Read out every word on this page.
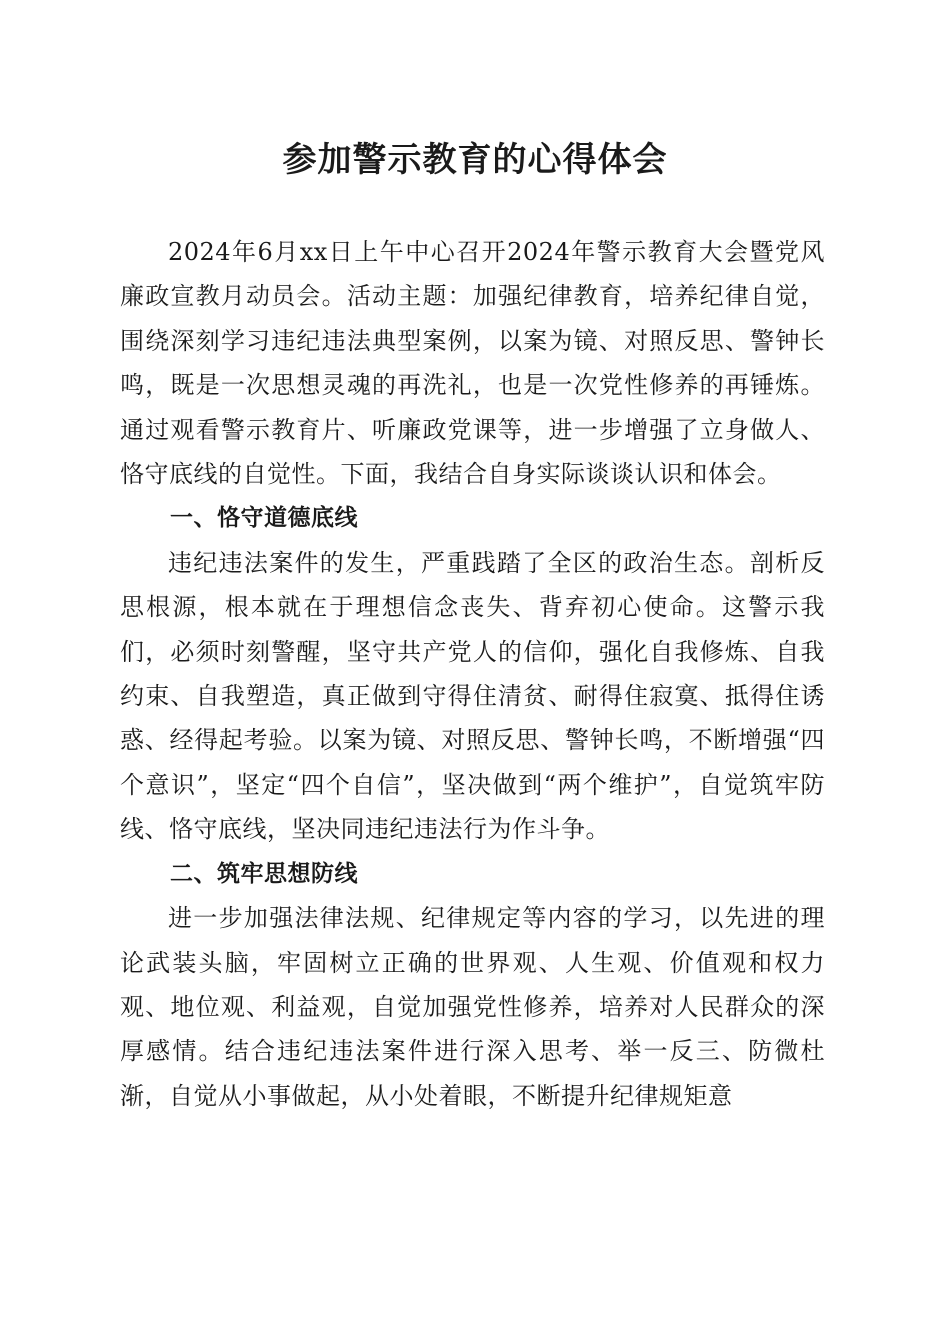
参加警示教育的心得体会

2024年6月xx日上午中心召开2024年警示教育大会暨党风廉政宣教月动员会。活动主题：加强纪律教育，培养纪律自觉，围绕深刻学习违纪违法典型案例，以案为镜、对照反思、警钟长鸣，既是一次思想灵魂的再洗礼，也是一次党性修养的再锤炼。通过观看警示教育片、听廉政党课等，进一步增强了立身做人、恪守底线的自觉性。下面，我结合自身实际谈谈认识和体会。

一、恪守道德底线

违纪违法案件的发生，严重践踏了全区的政治生态。剖析反思根源，根本就在于理想信念丧失、背弃初心使命。这警示我们，必须时刻警醒，坚守共产党人的信仰，强化自我修炼、自我约束、自我塑造，真正做到守得住清贫、耐得住寂寞、抵得住诱惑、经得起考验。以案为镜、对照反思、警钟长鸣，不断增强“四个意识”，坚定“四个自信”，坚决做到“两个维护”，自觉筑牢防线、恪守底线，坚决同违纪违法行为作斗争。

二、筑牢思想防线

进一步加强法律法规、纪律规定等内容的学习，以先进的理论武装头脑，牢固树立正确的世界观、人生观、价值观和权力观、地位观、利益观，自觉加强党性修养，培养对人民群众的深厚感情。结合违纪违法案件进行深入思考、举一反三、防微杜渐，自觉从小事做起，从小处着眼，不断提升纪律规矩意
